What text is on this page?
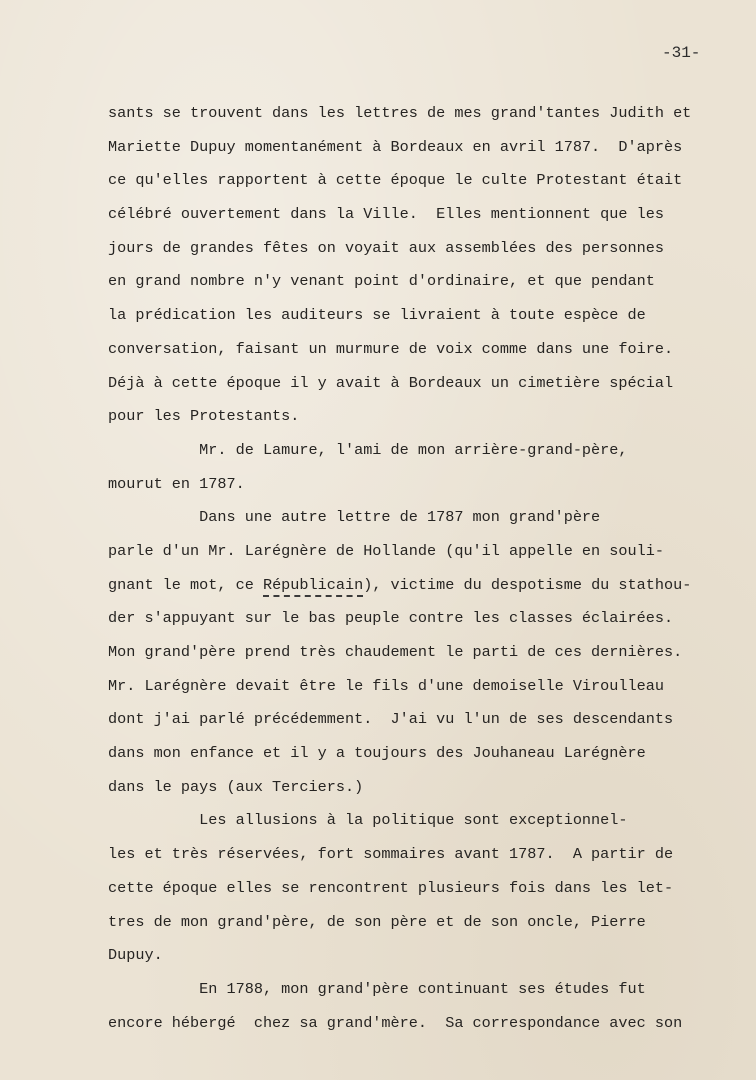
-31-
sants se trouvent dans les lettres de mes grand'tantes Judith et
Mariette Dupuy momentanément à Bordeaux en avril 1787.  D'après
ce qu'elles rapportent à cette époque le culte Protestant était
célébré ouvertement dans la Ville.  Elles mentionnent que les
jours de grandes fêtes on voyait aux assemblées des personnes
en grand nombre n'y venant point d'ordinaire, et que pendant
la prédication les auditeurs se livraient à toute espèce de
conversation, faisant un murmure de voix comme dans une foire.
Déjà à cette époque il y avait à Bordeaux un cimetière spécial
pour les Protestants.
Mr. de Lamure, l'ami de mon arrière-grand-père,
mourut en 1787.
Dans une autre lettre de 1787 mon grand'père
parle d'un Mr. Larégnère de Hollande (qu'il appelle en souli-
gnant le mot, ce Républicain), victime du despotisme du stathou-
der s'appuyant sur le bas peuple contre les classes éclairées.
Mon grand'père prend très chaudement le parti de ces dernières.
Mr. Larégnère devait être le fils d'une demoiselle Viroulleau
dont j'ai parlé précédemment.  J'ai vu l'un de ses descendants
dans mon enfance et il y a toujours des Jouhaneau Larégnère
dans le pays (aux Terciers.)
Les allusions à la politique sont exceptionnel-
les et très réservées, fort sommaires avant 1787.  A partir de
cette époque elles se rencontrent plusieurs fois dans les let-
tres de mon grand'père, de son père et de son oncle, Pierre
Dupuy.
En 1788, mon grand'père continuant ses études fut
encore hébergé  chez sa grand'mère.  Sa correspondance avec son
